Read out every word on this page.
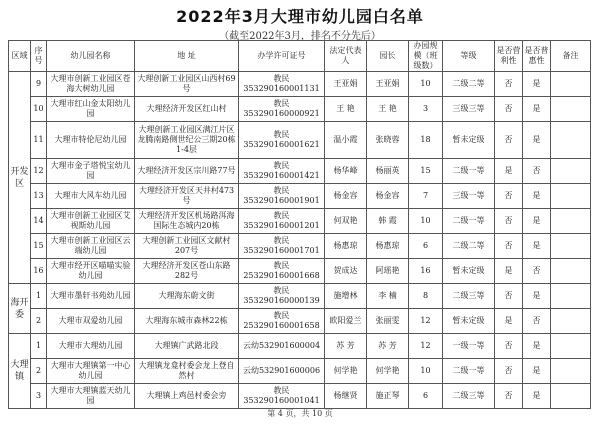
2022年3月大理市幼儿园白名单
（截至2022年3月，排名不分先后）
区域	序号	幼儿园名称	地 址	办学许可证号	法定代表人	园长	办园规模（班级数）	等级	是否营利性	是否普惠性	备注
开发区	9	大理市创新工业园区苍海大树幼儿园	大理创新工业园区山西村69号	教民353290160001131	王亚娟	王亚娟	10	二级二等	否	是	
	10	大理市红山金太阳幼儿园	大理经济开发区红山村	教民353290160000921	王 艳	王 艳	3	三级三等	否	是	
	11	大理市特伦尼幼儿园	大理创新工业园区满江片区龙腾南路侧世纪公三期20栋1-4层	教民353290160001621	温小霞	张晓蓉	18	暂未定级	否	是	
	12	大理市金子塔悦宝幼儿园	大理经济开发区宗川路77号	教民353290160001421	杨华峰	杨丽英	15	二级一等	是	否	
	13	大理市大风车幼儿园	大理经济开发区天井村473号	教民353290160001901	杨金容	杨金容	7	三级一等	否	是	
	14	大理市创新工业园区艾视斯幼儿园	大理经济开发区机场路洱海国际生态城内20栋	教民353290160001201	何双艳	韩 霞	10	二级一等	否	是	
	15	大理市创新工业园区云端幼儿园	大理创新工业园区文献村207号	教民353290160001701	杨惠琼	杨惠琼	6	二级二等	否	是	
	16	大理市经开区喵喵实验幼儿园	大理经济开发区苍山东路282号	教民253290160001668	贺成达	阿瑶艳	16	暂未定级	是	否	
海开委	1	大理市墨轩书苑幼儿园	大理海东蔚文街	教民353290160000139	施增林	李 楠	8	二级三等	否	是	
	2	大理市双爱幼儿园	大理海东城市森林22栋	教民253290160001658	欧阳爱兰	张丽雯	12	暂未定级	是	否	
大理镇	1	大理市大理幼儿园	大理镇广武路北段	云幼532901600004	苏 芳	苏 芳	12	一级一等	否	是	
	2	大理市大理镇第一中心幼儿园	大理镇龙龛村委会龙上登自然村	云幼532901600006	何学艳	何学艳	10	二级一等	否	是	
	3	大理市大理镇蓝天幼儿园	大理镇上鸡邑村委会旁	教民353290160001041	杨继贤	施正琴	6	二级三等	否	是	
第 4 页，共 10 页
